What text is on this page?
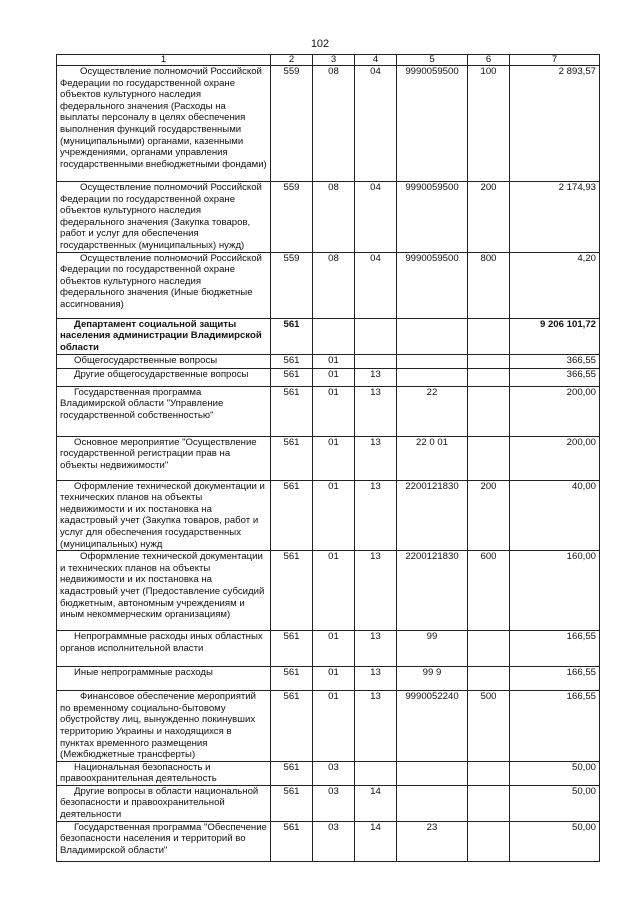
102
1	2	3	4	5	6	7

Осуществление полномочий Российской Федерации по государственной охране объектов культурного наследия федерального значения (Расходы на выплаты персоналу в целях обеспечения выполнения функций государственными (муниципальными) органами, казенными учреждениями, органами управления государственными внебюджетными фондами)	559	08	04	9990059500	100	2 893,57

Осуществление полномочий Российской Федерации по государственной охране объектов культурного наследия федерального значения (Закупка товаров, работ и услуг для обеспечения государственных (муниципальных) нужд)	559	08	04	9990059500	200	2 174,93

Осуществление полномочий Российской Федерации по государственной охране объектов культурного наследия федерального значения (Иные бюджетные ассигнования)	559	08	04	9990059500	800	4,20

Департамент социальной защиты населения администрации Владимирской области	561					9 206 101,72

Общегосударственные вопросы	561	01				366,55

Другие общегосударственные вопросы	561	01	13			366,55

Государственная программа Владимирской области "Управление государственной собственностью"	561	01	13	22		200,00

Основное мероприятие "Осуществление государственной регистрации прав на объекты недвижимости"	561	01	13	22 0 01		200,00

Оформление технической документации и технических планов на объекты недвижимости и их постановка на кадастровый учет (Закупка товаров, работ и услуг для обеспечения государственных (муниципальных) нужд	561	01	13	2200121830	200	40,00

Оформление технической документации и технических планов на объекты недвижимости и их постановка на кадастровый учет (Предоставление субсидий бюджетным, автономным учреждениям и иным некоммерческим организациям)	561	01	13	2200121830	600	160,00

Непрограммные расходы иных областных органов исполнительной власти	561	01	13	99		166,55

Иные непрограммные расходы	561	01	13	99 9		166,55

Финансовое обеспечение мероприятий по временному социально-бытовому обустройству лиц, вынужденно покинувших территорию Украины и находящихся в пунктах временного размещения (Межбюджетные трансферты)	561	01	13	9990052240	500	166,55

Национальная безопасность и правоохранительная деятельность	561	03				50,00

Другие вопросы в области национальной безопасности и правоохранительной деятельности	561	03	14			50,00

Государственная программа "Обеспечение безопасности населения и территорий во Владимирской области"	561	03	14	23		50,00
